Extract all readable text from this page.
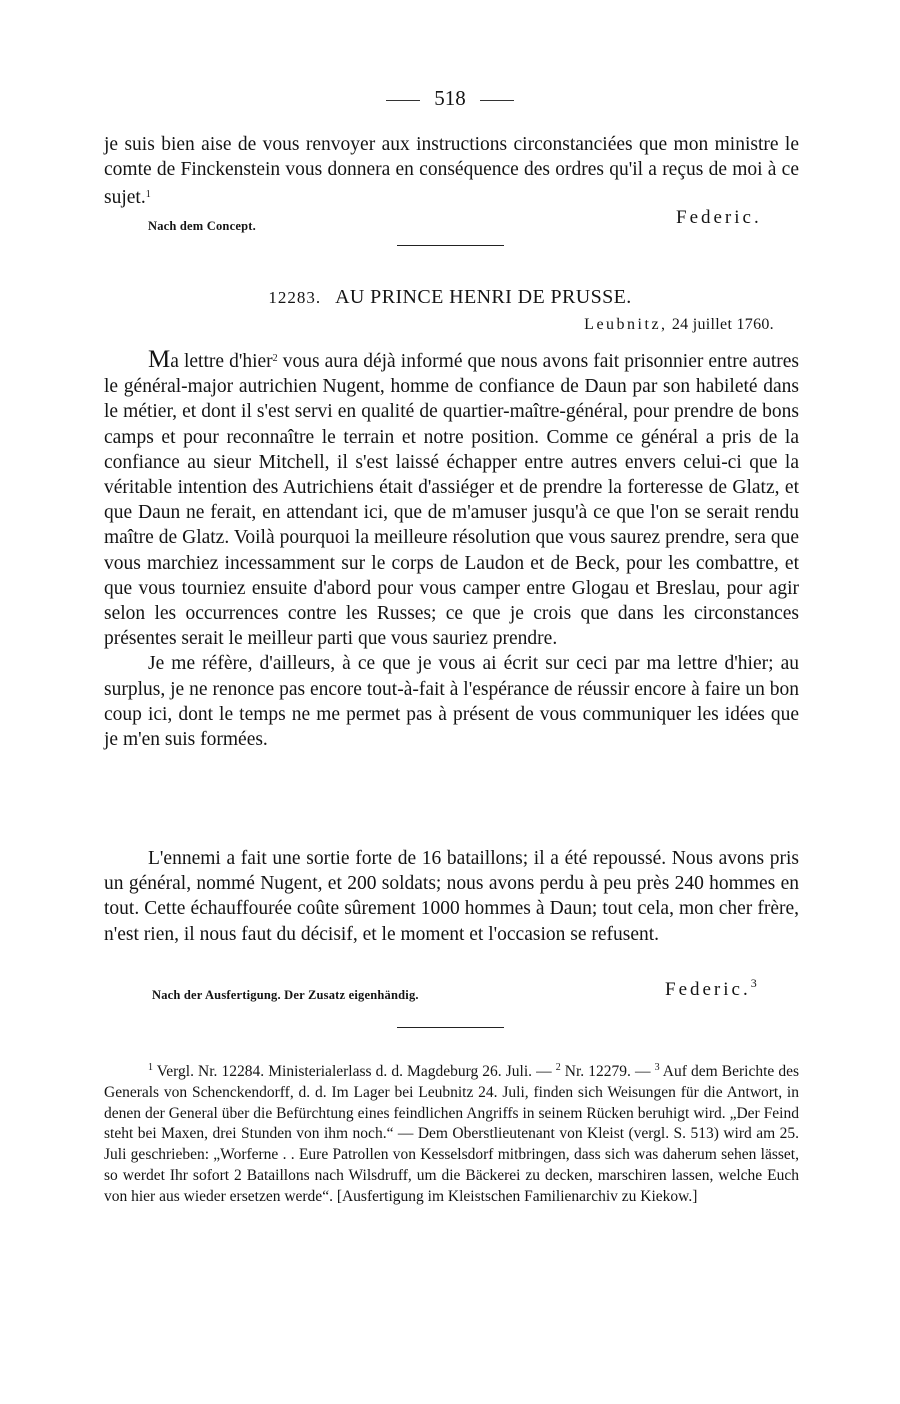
518

je suis bien aise de vous renvoyer aux instructions circonstanciées que mon ministre le comte de Finckenstein vous donnera en conséquence des ordres qu'il a reçus de moi à ce sujet.$^1$

Nach dem Concept.	Federic.
12283. AU PRINCE HENRI DE PRUSSE.
Leubnitz, 24 juillet 1760.

Ma lettre d'hier$^2$ vous aura déjà informé que nous avons fait prisonnier entre autres le général-major autrichien Nugent, homme de confiance de Daun par son habileté dans le métier, et dont il s'est servi en qualité de quartier-maître-général, pour prendre de bons camps et pour reconnaître le terrain et notre position. Comme ce général a pris de la confiance au sieur Mitchell, il s'est laissé échapper entre autres envers celui-ci que la véritable intention des Autrichiens était d'assiéger et de prendre la forteresse de Glatz, et que Daun ne ferait, en attendant ici, que de m'amuser jusqu'à ce que l'on se serait rendu maître de Glatz. Voilà pourquoi la meilleure résolution que vous saurez prendre, sera que vous marchiez incessamment sur le corps de Laudon et de Beck, pour les combattre, et que vous tourniez ensuite d'abord pour vous camper entre Glogau et Breslau, pour agir selon les occurrences contre les Russes; ce que je crois que dans les circonstances présentes serait le meilleur parti que vous sauriez prendre.

Je me réfère, d'ailleurs, à ce que je vous ai écrit sur ceci par ma lettre d'hier; au surplus, je ne renonce pas encore tout-à-fait à l'espérance de réussir encore à faire un bon coup ici, dont le temps ne me permet pas à présent de vous communiquer les idées que je m'en suis formées.

L'ennemi a fait une sortie forte de 16 bataillons; il a été repoussé. Nous avons pris un général, nommé Nugent, et 200 soldats; nous avons perdu à peu près 240 hommes en tout. Cette échauffourée coûte sûrement 1000 hommes à Daun; tout cela, mon cher frère, n'est rien, il nous faut du décisif, et le moment et l'occasion se refusent.

Nach der Ausfertigung. Der Zusatz eigenhändig.	Federic.$^3$

$^1$ Vergl. Nr. 12284. Ministerialerlass d. d. Magdeburg 26. Juli. — $^2$ Nr. 12279. — $^3$ Auf dem Berichte des Generals von Schenckendorff, d. d. Im Lager bei Leubnitz 24. Juli, finden sich Weisungen für die Antwort, in denen der General über die Befürchtung eines feindlichen Angriffs in seinem Rücken beruhigt wird. „Der Feind steht bei Maxen, drei Stunden von ihm noch.“ — Dem Oberstlieutenant von Kleist (vergl. S. 513) wird am 25. Juli geschrieben: „Worferne . . Eure Patrollen von Kesselsdorf mitbringen, dass sich was daherum sehen lässet, so werdet Ihr sofort 2 Bataillons nach Wilsdruff, um die Bäckerei zu decken, marschiren lassen, welche Euch von hier aus wieder ersetzen werde“. [Ausfertigung im Kleistschen Familienarchiv zu Kiekow.]
